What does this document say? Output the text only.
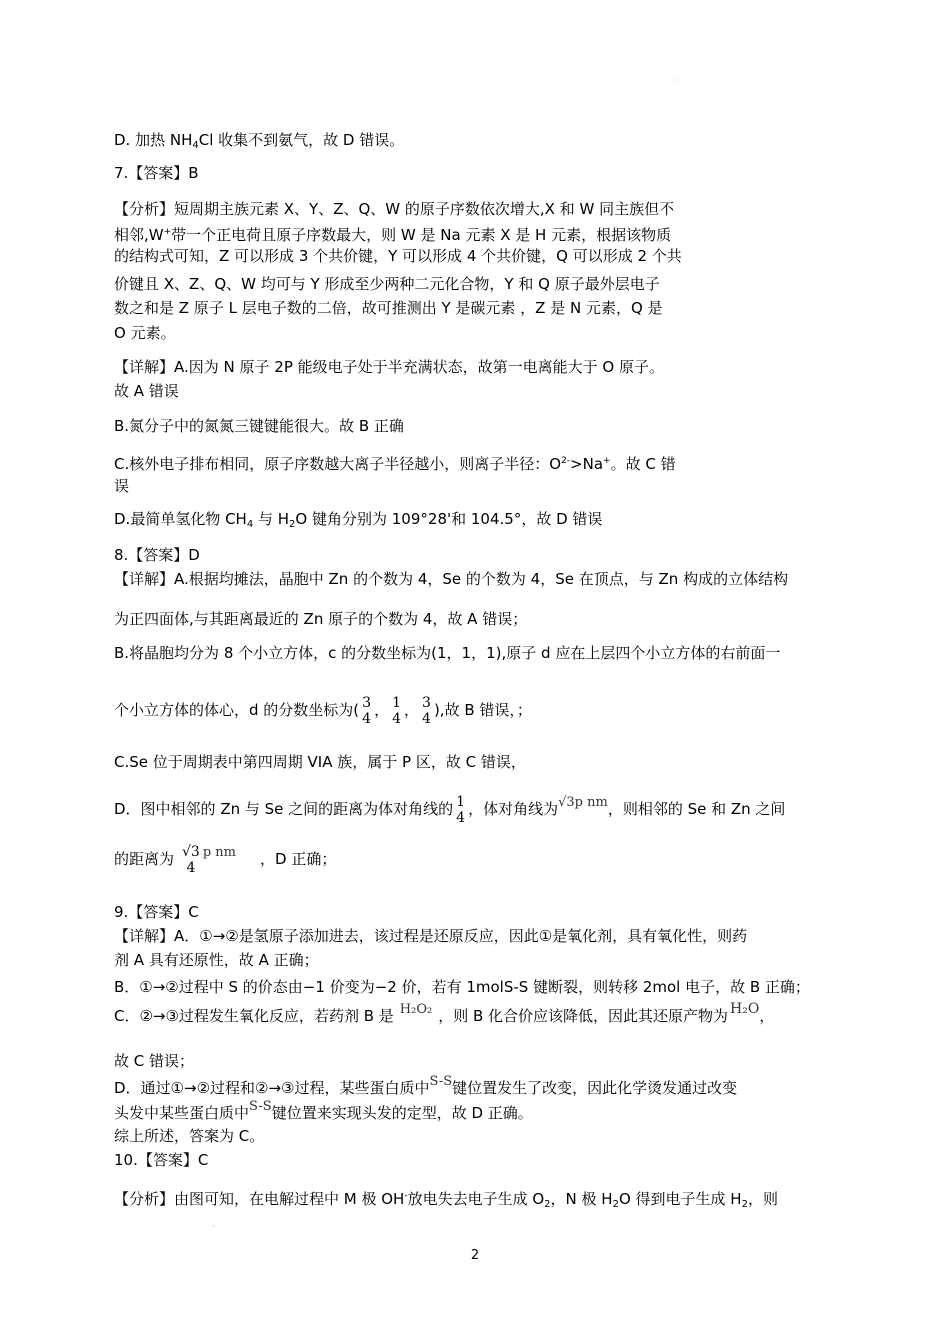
·
D. 加热 $NH_4Cl$ 收集不到氨气，故 D 错误。
7.【答案】B
【分析】短周期主族元素 X、Y、Z、Q、W 的原子序数依次增大,X 和 W 同主族但不
相邻,W+带一个正电荷且原子序数最大，则 W 是 Na 元素 X 是 H 元素，根据该物质
的结构式可知，Z 可以形成 3 个共价键，Y 可以形成 4 个共价键，Q 可以形成 2 个共
价键且 X、Z、Q、W 均可与 Y 形成至少两种二元化合物，Y 和 Q 原子最外层电子
数之和是 Z 原子 L 层电子数的二倍，故可推测出 Y 是碳元素 ，Z 是 N 元素，Q 是
O 元素。
【详解】A.因为 N 原子 2P 能级电子处于半充满状态，故第一电离能大于 O 原子。
故 A 错误
B.氮分子中的氮氮三键键能很大。故 B 正确
C.核外电子排布相同，原子序数越大离子半径越小，则离子半径：$O^{2-}>Na^+$。故 C 错
误
D.最简单氢化物 $CH_4$ 与 $H_2O$ 键角分别为 109°28'和 104.5°，故 D 错误
8.【答案】D
【详解】A.根据均摊法，晶胞中 Zn 的个数为 4，Se 的个数为 4，Se 在顶点，与 Zn 构成的立体结构
为正四面体,与其距离最近的 Zn 原子的个数为 4，故 A 错误；
B.将晶胞均分为 8 个小立方体，c 的分数坐标为(1，1，1),原子 d 应在上层四个小立方体的右前面一
个小立方体的体心，d 的分数坐标为( 3
4 ， 1
4 ， 3
4 ),故 B 错误，；
C.Se 位于周期表中第四周期 VIA 族，属于 P 区，故 C 错误，
D．图中相邻的 Zn 与 Se 之间的距离为体对角线的 1
4 ，体对角线为√3p nm，则相邻的 Se 和 Zn 之间
的距离为 √3
4
p nm ，D 正确；
9.【答案】C
【详解】A．①→②是氢原子添加进去，该过程是还原反应，因此①是氧化剂，具有氧化性，则药
剂 A 具有还原性，故 A 正确；
B．①→②过程中 S 的价态由−1 价变为−2 价，若有 1molS-S 键断裂，则转移 2mol 电子，故 B 正确；
C．②→③过程发生氧化反应，若药剂 B 是 H₂O₂ ，则 B 化合价应该降低，因此其还原产物为 H₂O，
故 C 错误；
D．通过①→②过程和②→③过程，某些蛋白质中S-S键位置发生了改变，因此化学烫发通过改变
头发中某些蛋白质中S-S键位置来实现头发的定型，故 D 正确。
综上所述，答案为 C。
10.【答案】C
【分析】由图可知，在电解过程中 M 极 OH-放电失去电子生成 $O_2$，N 极 $H_2O$ 得到电子生成 $H_2$，则
·
2
